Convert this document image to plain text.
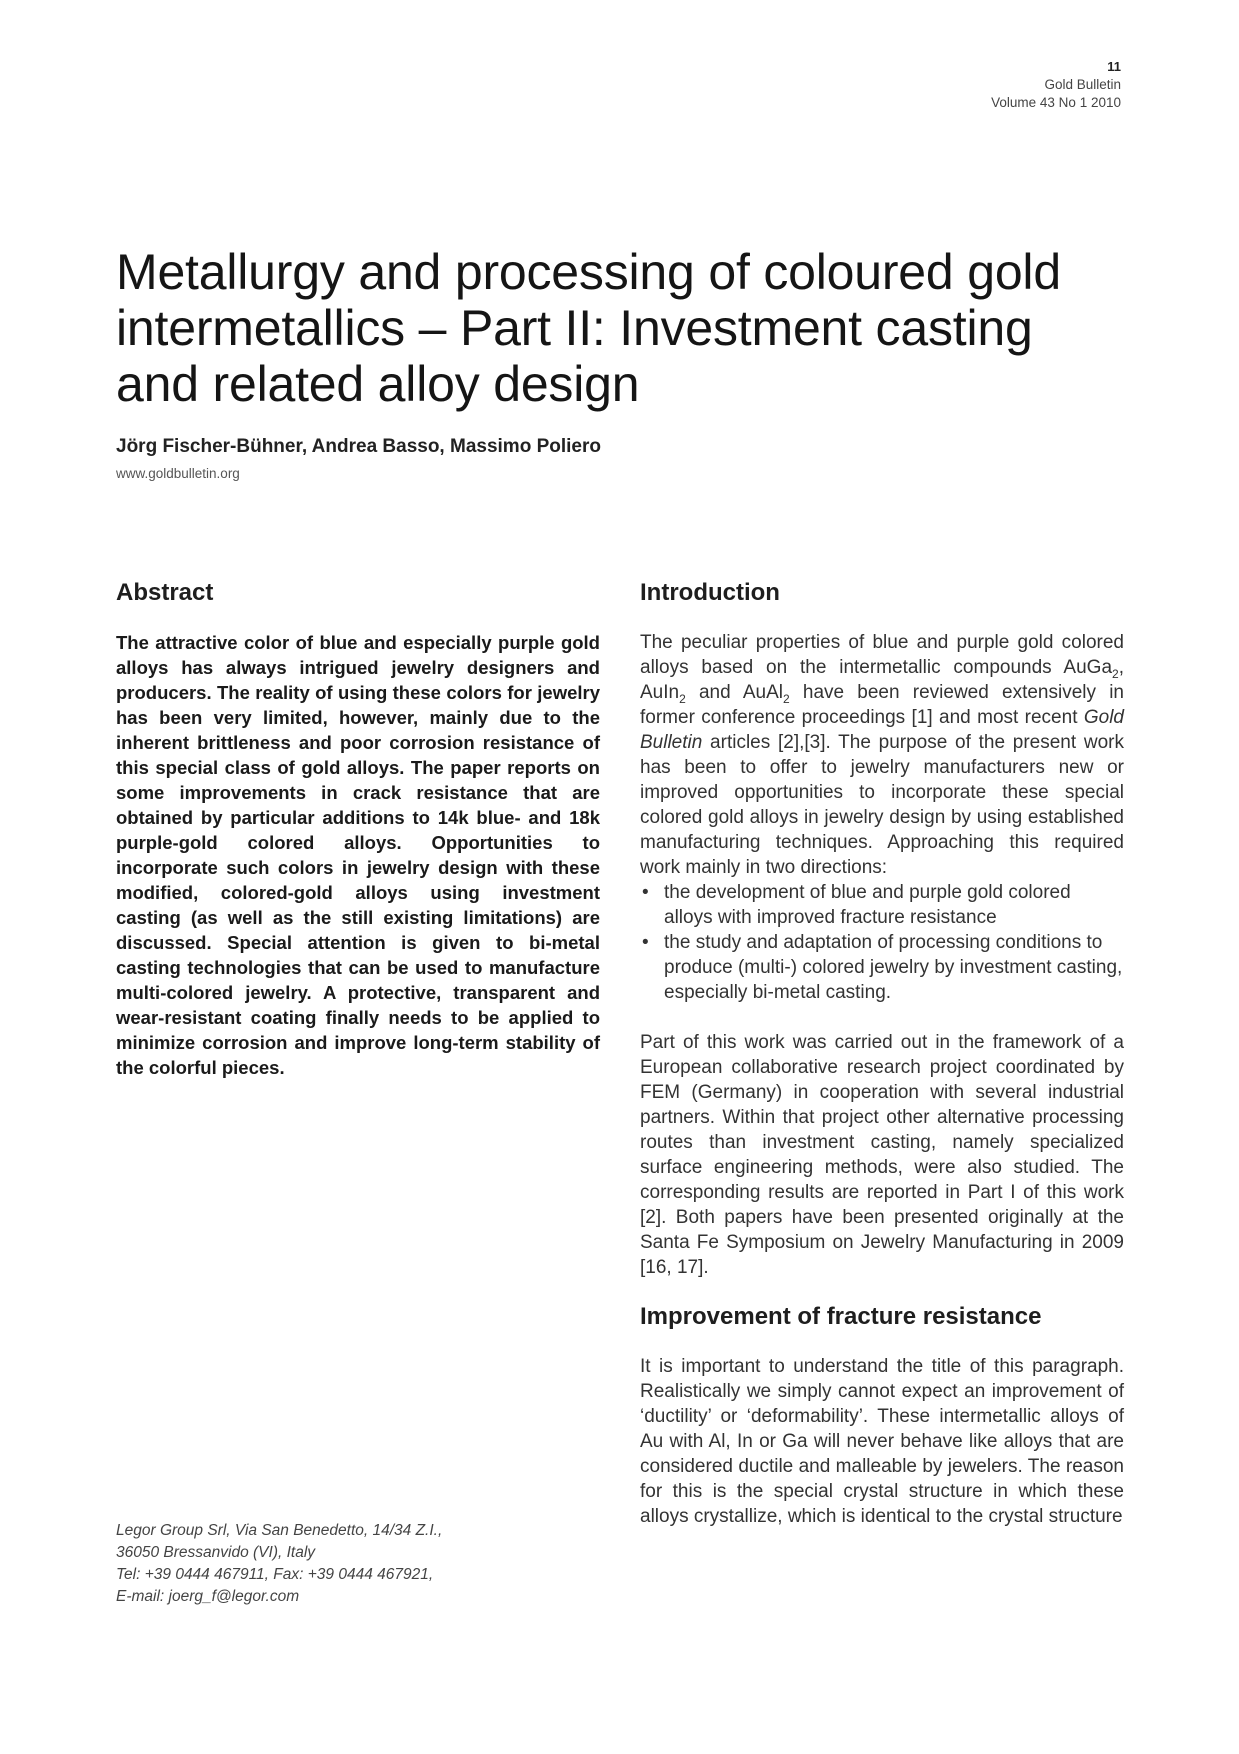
11
Gold Bulletin
Volume 43 No 1 2010
Metallurgy and processing of coloured gold intermetallics – Part II: Investment casting and related alloy design

Jörg Fischer-Bühner, Andrea Basso, Massimo Poliero

www.goldbulletin.org

Abstract

The attractive color of blue and especially purple gold alloys has always intrigued jewelry designers and producers. The reality of using these colors for jewelry has been very limited, however, mainly due to the inherent brittleness and poor corrosion resistance of this special class of gold alloys. The paper reports on some improvements in crack resistance that are obtained by particular additions to 14k blue- and 18k purple-gold colored alloys. Opportunities to incorporate such colors in jewelry design with these modified, colored-gold alloys using investment casting (as well as the still existing limitations) are discussed. Special attention is given to bi-metal casting technologies that can be used to manufacture multi-colored jewelry. A protective, transparent and wear-resistant coating finally needs to be applied to minimize corrosion and improve long-term stability of the colorful pieces.

Legor Group Srl, Via San Benedetto, 14/34 Z.I.,
36050 Bressanvido (VI), Italy
Tel: +39 0444 467911, Fax: +39 0444 467921,
E-mail: joerg_f@legor.com

Introduction

The peculiar properties of blue and purple gold colored alloys based on the intermetallic compounds AuGa$_2$, AuIn$_2$ and AuAl$_2$ have been reviewed extensively in former conference proceedings [1] and most recent Gold Bulletin articles [2],[3]. The purpose of the present work has been to offer to jewelry manufacturers new or improved opportunities to incorporate these special colored gold alloys in jewelry design by using established manufacturing techniques. Approaching this required work mainly in two directions:

• the development of blue and purple gold colored alloys with improved fracture resistance
• the study and adaptation of processing conditions to produce (multi-) colored jewelry by investment casting, especially bi-metal casting.

Part of this work was carried out in the framework of a European collaborative research project coordinated by FEM (Germany) in cooperation with several industrial partners. Within that project other alternative processing routes than investment casting, namely specialized surface engineering methods, were also studied. The corresponding results are reported in Part I of this work [2]. Both papers have been presented originally at the Santa Fe Symposium on Jewelry Manufacturing in 2009 [16, 17].

Improvement of fracture resistance

It is important to understand the title of this paragraph. Realistically we simply cannot expect an improvement of ‘ductility’ or ‘deformability’. These intermetallic alloys of Au with Al, In or Ga will never behave like alloys that are considered ductile and malleable by jewelers. The reason for this is the special crystal structure in which these alloys crystallize, which is identical to the crystal structure
